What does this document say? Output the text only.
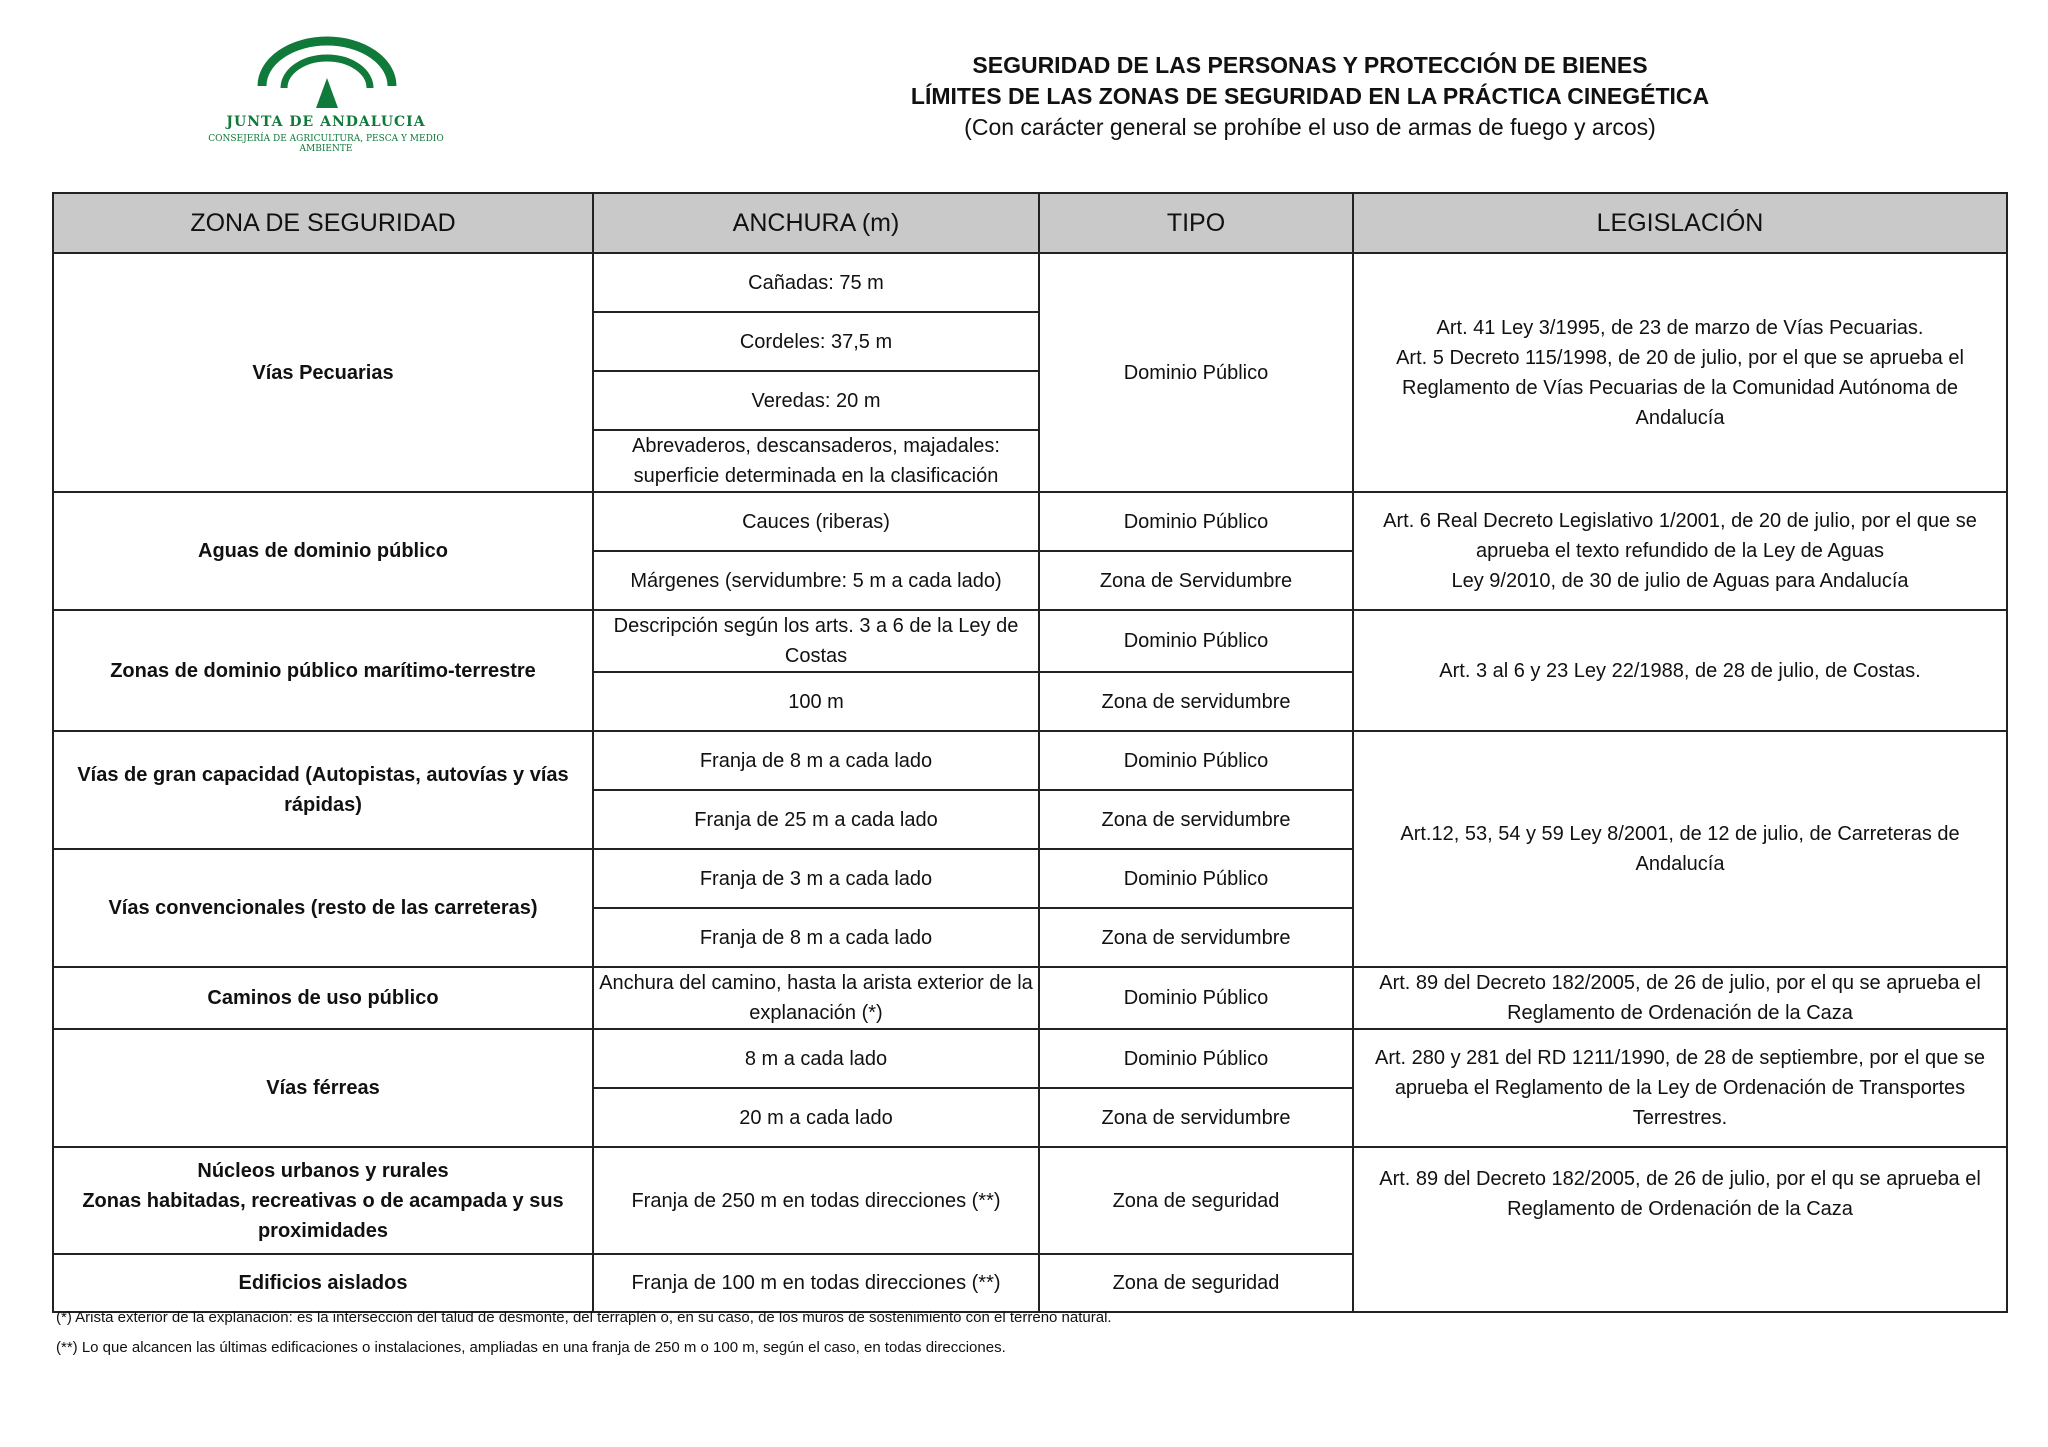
JUNTA DE ANDALUCIA
CONSEJERÍA DE AGRICULTURA, PESCA Y MEDIO AMBIENTE
SEGURIDAD DE LAS PERSONAS Y PROTECCIÓN DE BIENES
LÍMITES DE LAS ZONAS DE SEGURIDAD EN LA PRÁCTICA CINEGÉTICA
(Con carácter general se prohíbe el uso de armas de fuego y arcos)
ZONA DE SEGURIDAD	ANCHURA (m)	TIPO	LEGISLACIÓN
Vías Pecuarias	Cañadas: 75 m	Dominio Público	Art. 41 Ley 3/1995, de 23 de marzo de Vías Pecuarias.
Art. 5 Decreto 115/1998, de 20 de julio, por el que se aprueba el Reglamento de Vías Pecuarias de la Comunidad Autónoma de Andalucía
	Cordeles: 37,5 m		
	Veredas: 20 m		
	Abrevaderos, descansaderos, majadales: superficie determinada en la clasificación		
Aguas de dominio público	Cauces (riberas)	Dominio Público	Art. 6 Real Decreto Legislativo 1/2001, de 20 de julio, por el que se aprueba el texto refundido de la Ley de Aguas
Ley 9/2010, de 30 de julio de Aguas para Andalucía
	Márgenes (servidumbre: 5 m a cada lado)	Zona de Servidumbre	
Zonas de dominio público marítimo-terrestre	Descripción según los arts. 3 a 6 de la Ley de Costas	Dominio Público	Art. 3 al 6 y 23 Ley 22/1988, de 28 de julio, de Costas.
	100 m	Zona de servidumbre	
Vías de gran capacidad (Autopistas, autovías y vías rápidas)	Franja de 8 m a cada lado	Dominio Público	Art.12, 53, 54 y 59 Ley 8/2001, de 12 de julio, de Carreteras de Andalucía
	Franja de 25 m a cada lado	Zona de servidumbre	
Vías convencionales (resto de las carreteras)	Franja de 3 m a cada lado	Dominio Público	
	Franja de 8 m a cada lado	Zona de servidumbre	
Caminos de uso público	Anchura del camino, hasta la arista exterior de la explanación (*)	Dominio Público	Art. 89 del Decreto 182/2005, de 26 de julio, por el qu se aprueba el Reglamento de Ordenación de la Caza
Vías férreas	8 m a cada lado	Dominio Público	Art. 280 y 281 del RD 1211/1990, de 28 de septiembre, por el que se aprueba el Reglamento de la Ley de Ordenación de Transportes Terrestres.
	20 m a cada lado	Zona de servidumbre	

Núcleos urbanos y rurales
Zonas habitadas, recreativas o de acampada y sus proximidades	Franja de 250 m en todas direcciones (**)	Zona de seguridad	Art. 89 del Decreto 182/2005, de 26 de julio, por el qu se aprueba el Reglamento de Ordenación de la Caza
Edificios aislados	Franja de 100 m en todas direcciones (**)	Zona de seguridad	
(*) Arista exterior de la explanación: es la intersección del talud de desmonte, del terraplén o, en su caso, de los muros de sostenimiento con el terreno natural.
(**) Lo que alcancen las últimas edificaciones o instalaciones, ampliadas en una franja de 250 m o 100 m, según el caso, en todas direcciones.
